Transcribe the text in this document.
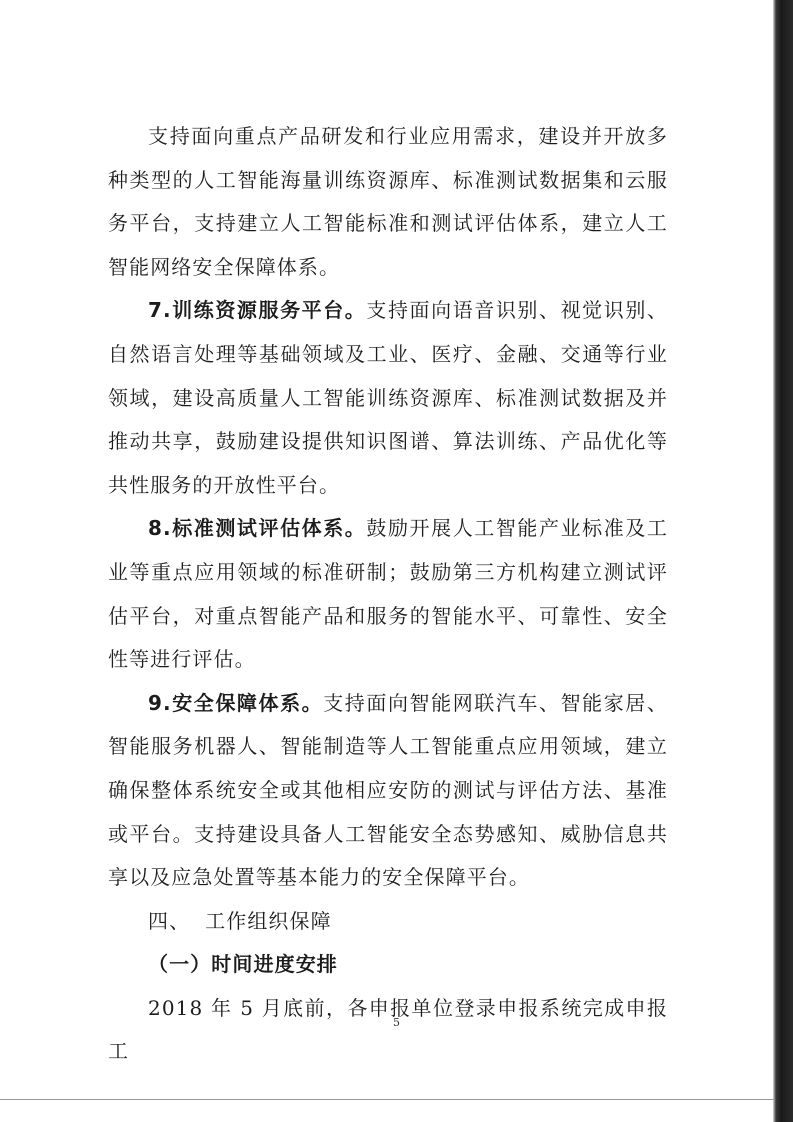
支持面向重点产品研发和行业应用需求，建设并开放多种类型的人工智能海量训练资源库、标准测试数据集和云服务平台，支持建立人工智能标准和测试评估体系，建立人工智能网络安全保障体系。

7.训练资源服务平台。支持面向语音识别、视觉识别、自然语言处理等基础领域及工业、医疗、金融、交通等行业领域，建设高质量人工智能训练资源库、标准测试数据及并推动共享，鼓励建设提供知识图谱、算法训练、产品优化等共性服务的开放性平台。

8.标准测试评估体系。鼓励开展人工智能产业标准及工业等重点应用领域的标准研制；鼓励第三方机构建立测试评估平台，对重点智能产品和服务的智能水平、可靠性、安全性等进行评估。

9.安全保障体系。支持面向智能网联汽车、智能家居、智能服务机器人、智能制造等人工智能重点应用领域，建立确保整体系统安全或其他相应安防的测试与评估方法、基准或平台。支持建设具备人工智能安全态势感知、威胁信息共享以及应急处置等基本能力的安全保障平台。

四、  工作组织保障

（一）时间进度安排

2018 年 5 月底前，各申报单位登录申报系统完成申报工

5
